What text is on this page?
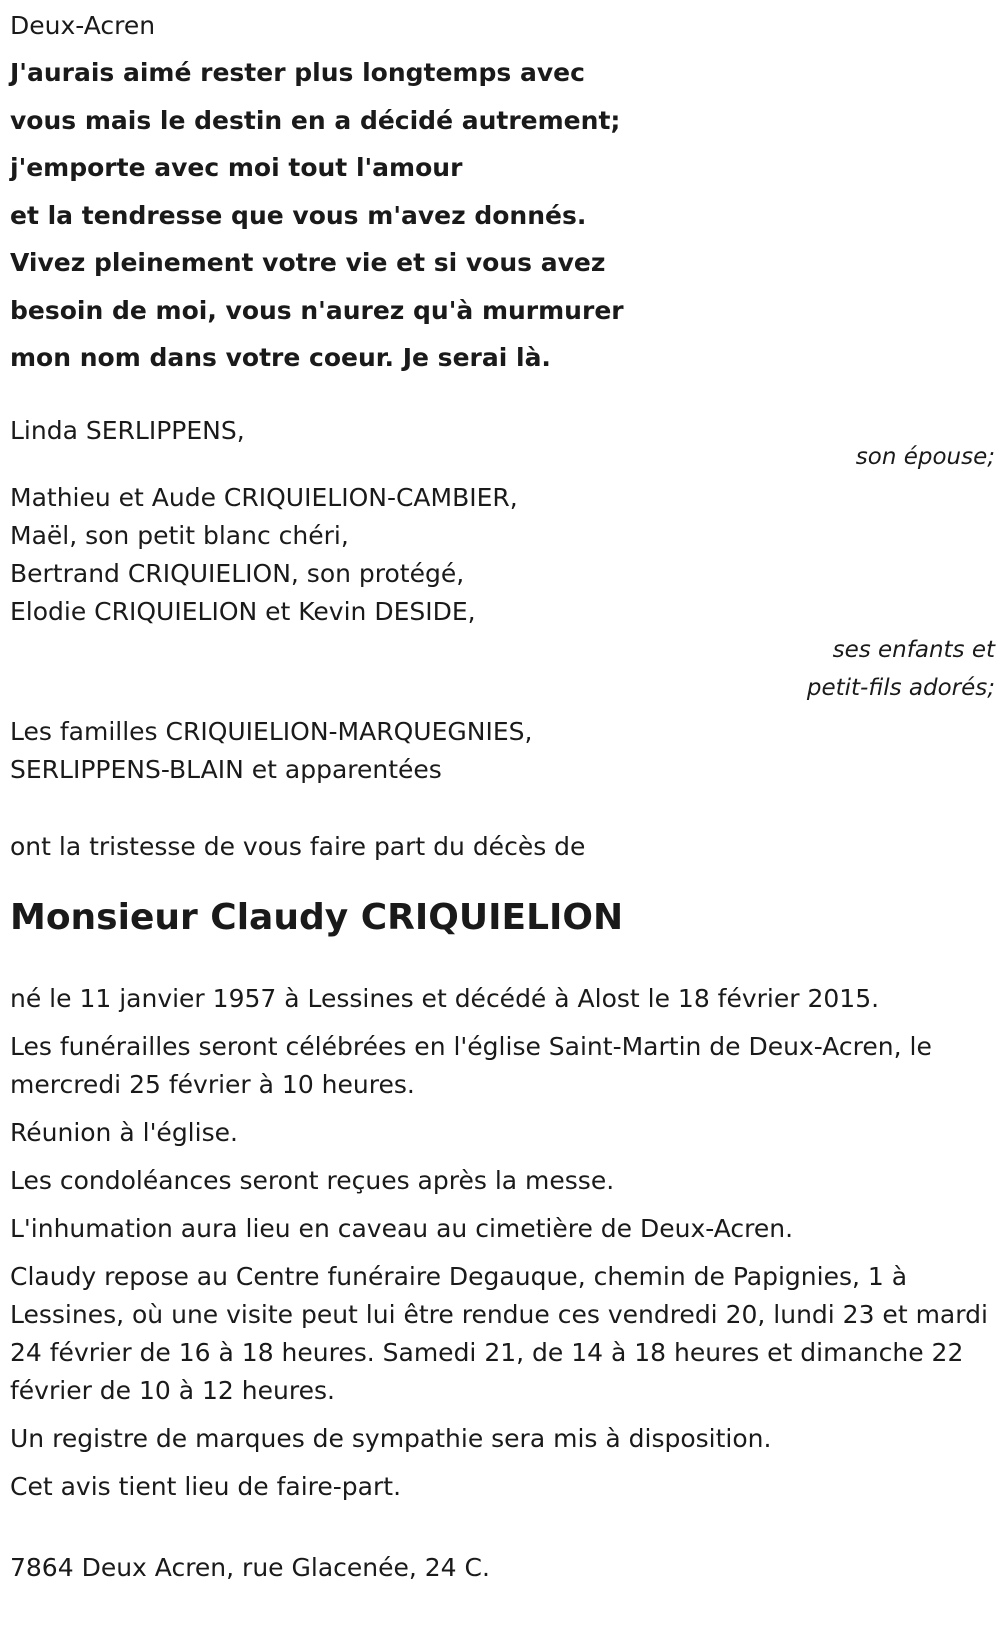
Deux-Acren

J'aurais aimé rester plus longtemps avec
vous mais le destin en a décidé autrement;
j'emporte avec moi tout l'amour
et la tendresse que vous m'avez donnés.
Vivez pleinement votre vie et si vous avez
besoin de moi, vous n'aurez qu'à murmurer
mon nom dans votre coeur. Je serai là.
Linda SERLIPPENS,
son épouse;
Mathieu et Aude CRIQUIELION-CAMBIER,
Maël, son petit blanc chéri,
Bertrand CRIQUIELION, son protégé,
Elodie CRIQUIELION et Kevin DESIDE,
ses enfants et
petit-fils adorés;
Les familles CRIQUIELION-MARQUEGNIES,
SERLIPPENS-BLAIN et apparentées
ont la tristesse de vous faire part du décès de
Monsieur Claudy CRIQUIELION

né le 11 janvier 1957 à Lessines et décédé à Alost le 18 février 2015.

Les funérailles seront célébrées en l'église Saint-Martin de Deux-Acren, le mercredi 25 février à 10 heures.

Réunion à l'église.

Les condoléances seront reçues après la messe.

L'inhumation aura lieu en caveau au cimetière de Deux-Acren.

Claudy repose au Centre funéraire Degauque, chemin de Papignies, 1 à Lessines, où une visite peut lui être rendue ces vendredi 20, lundi 23 et mardi 24 février de 16 à 18 heures. Samedi 21, de 14 à 18 heures et dimanche 22 février de 10 à 12 heures.

Un registre de marques de sympathie sera mis à disposition.

Cet avis tient lieu de faire-part.

7864 Deux Acren, rue Glacenée, 24 C.
